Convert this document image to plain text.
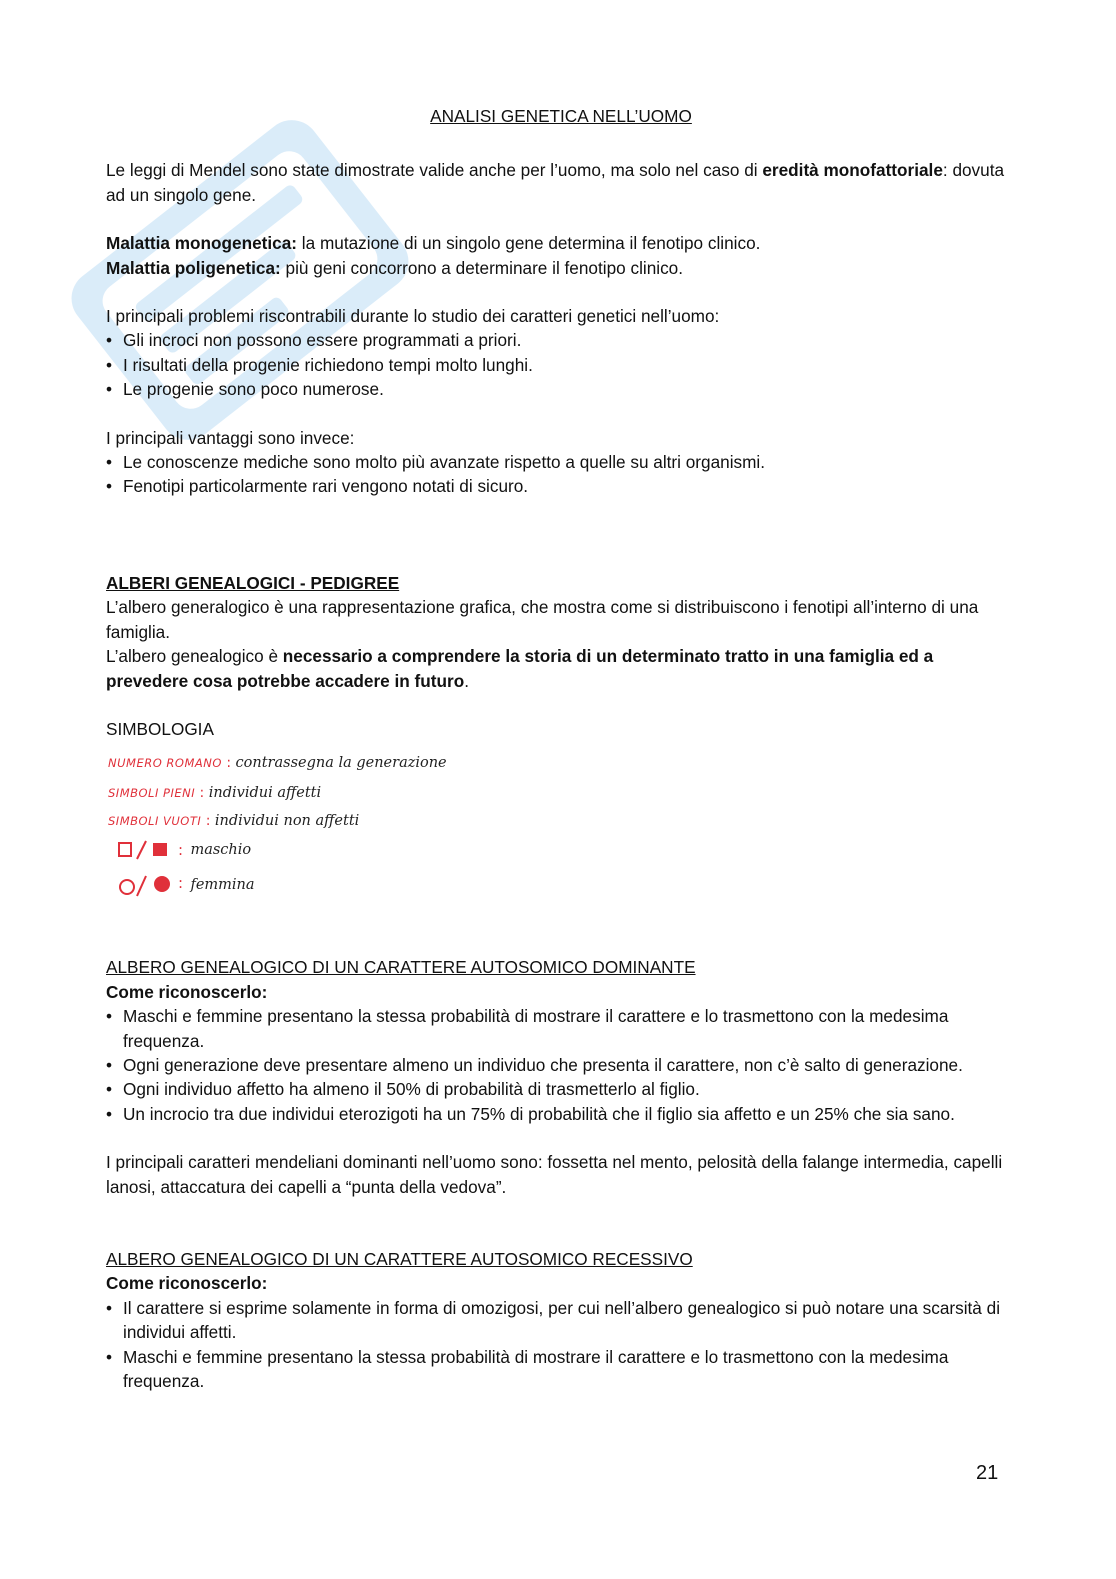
ANALISI GENETICA NELL’UOMO

Le leggi di Mendel sono state dimostrate valide anche per l’uomo, ma solo nel caso di eredità monofattoriale: dovuta ad un singolo gene.

Malattia monogenetica: la mutazione di un singolo gene determina il fenotipo clinico.

Malattia poligenetica: più geni concorrono a determinare il fenotipo clinico.

I principali problemi riscontrabili durante lo studio dei caratteri genetici nell’uomo:

• Gli incroci non possono essere programmati a priori.
• I risultati della progenie richiedono tempi molto lunghi.
• Le progenie sono poco numerose.

I principali vantaggi sono invece:

• Le conoscenze mediche sono molto più avanzate rispetto a quelle su altri organismi.
• Fenotipi particolarmente rari vengono notati di sicuro.

ALBERI GENEALOGICI - PEDIGREE

L’albero generalogico è una rappresentazione grafica, che mostra come si distribuiscono i fenotipi all’interno di una famiglia.

L’albero genealogico è necessario a comprendere la storia di un determinato tratto in una famiglia ed a prevedere cosa potrebbe accadere in futuro.

SIMBOLOGIA

NUMERO ROMANO : contrassegna la generazione
SIMBOLI PIENI : individui affetti
SIMBOLI VUOTI : individui non affetti
: maschio
: femmina

ALBERO GENEALOGICO DI UN CARATTERE AUTOSOMICO DOMINANTE

Come riconoscerlo:

• Maschi e femmine presentano la stessa probabilità di mostrare il carattere e lo trasmettono con la medesima frequenza.
• Ogni generazione deve presentare almeno un individuo che presenta il carattere, non c’è salto di generazione.
• Ogni individuo affetto ha almeno il 50% di probabilità di trasmetterlo al figlio.
• Un incrocio tra due individui eterozigoti ha un 75% di probabilità che il figlio sia affetto e un 25% che sia sano.

I principali caratteri mendeliani dominanti nell’uomo sono: fossetta nel mento, pelosità della falange intermedia, capelli lanosi, attaccatura dei capelli a “punta della vedova”.

ALBERO GENEALOGICO DI UN CARATTERE AUTOSOMICO RECESSIVO

Come riconoscerlo:

• Il carattere si esprime solamente in forma di omozigosi, per cui nell’albero genealogico si può notare una scarsità di individui affetti.
• Maschi e femmine presentano la stessa probabilità di mostrare il carattere e lo trasmettono con la medesima frequenza.
21
